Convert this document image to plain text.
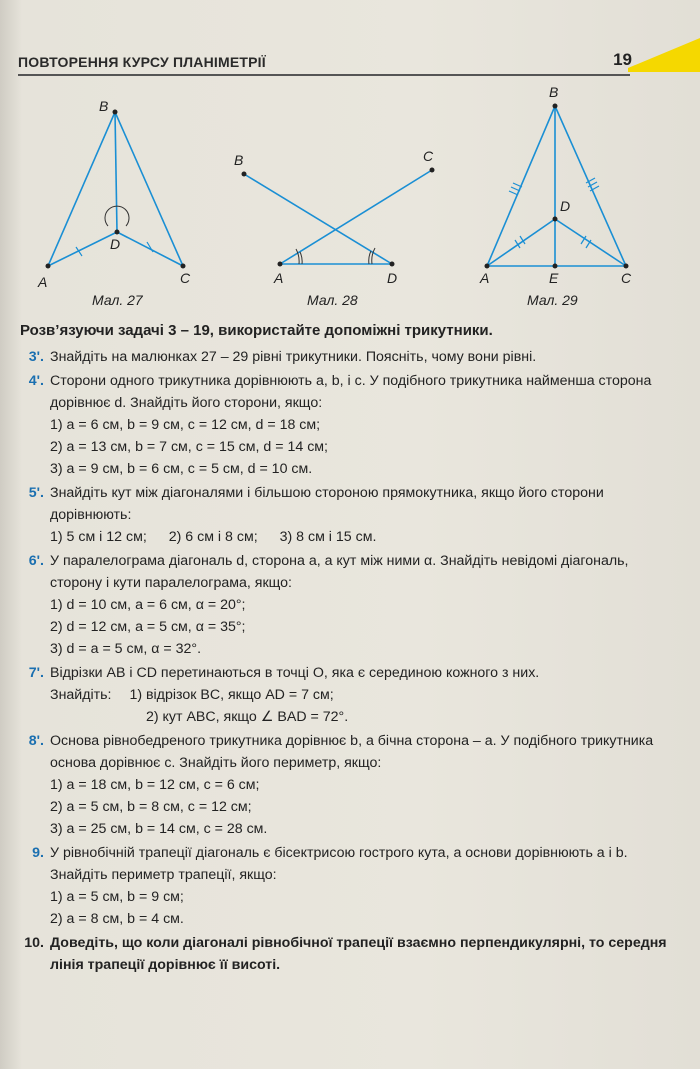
ПОВТОРЕННЯ КУРСУ ПЛАНІМЕТРІЇ	19
B
D
A	C
Мал. 27
B	C
A	D
Мал. 28
B
D
A	E	C
Мал. 29
Розв’язуючи задачі 3 – 19, використайте допоміжні трикутники.
3'. Знайдіть на малюнках 27 – 29 рівні трикутники. Поясніть, чому вони рівні.
4'. Сторони одного трикутника дорівнюють a, b, і c. У подібного трикутника найменша сторона дорівнює d. Знайдіть його сторони, якщо:
1) a = 6 см, b = 9 см, c = 12 см, d = 18 см;
2) a = 13 см, b = 7 см, c = 15 см, d = 14 см;
3) a = 9 см, b = 6 см, c = 5 см, d = 10 см.
5'. Знайдіть кут між діагоналями і більшою стороною прямокутника, якщо його сторони дорівнюють:
1) 5 см і 12 см; 2) 6 см і 8 см; 3) 8 см і 15 см.
6'. У паралелограма діагональ d, сторона a, а кут між ними α. Знайдіть невідомі діагональ, сторону і кути паралелограма, якщо:
1) d = 10 см, a = 6 см, α = 20°;
2) d = 12 см, a = 5 см, α = 35°;
3) d = a = 5 см, α = 32°.
7'. Відрізки AB і CD перетинаються в точці O, яка є серединою кожного з них.
Знайдіть: 1) відрізок BC, якщо AD = 7 см;
2) кут ABC, якщо ∠ BAD = 72°.
8'. Основа рівнобедреного трикутника дорівнює b, а бічна сторона – a. У подібного трикутника основа дорівнює c. Знайдіть його периметр, якщо:
1) a = 18 см, b = 12 см, c = 6 см;
2) a = 5 см, b = 8 см, c = 12 см;
3) a = 25 см, b = 14 см, c = 28 см.
9. У рівнобічній трапеції діагональ є бісектрисою гострого кута, а основи дорівнюють a і b. Знайдіть периметр трапеції, якщо:
1) a = 5 см, b = 9 см;
2) a = 8 см, b = 4 см.
10. Доведіть, що коли діагоналі рівнобічної трапеції взаємно перпендикулярні, то середня лінія трапеції дорівнює її висоті.
